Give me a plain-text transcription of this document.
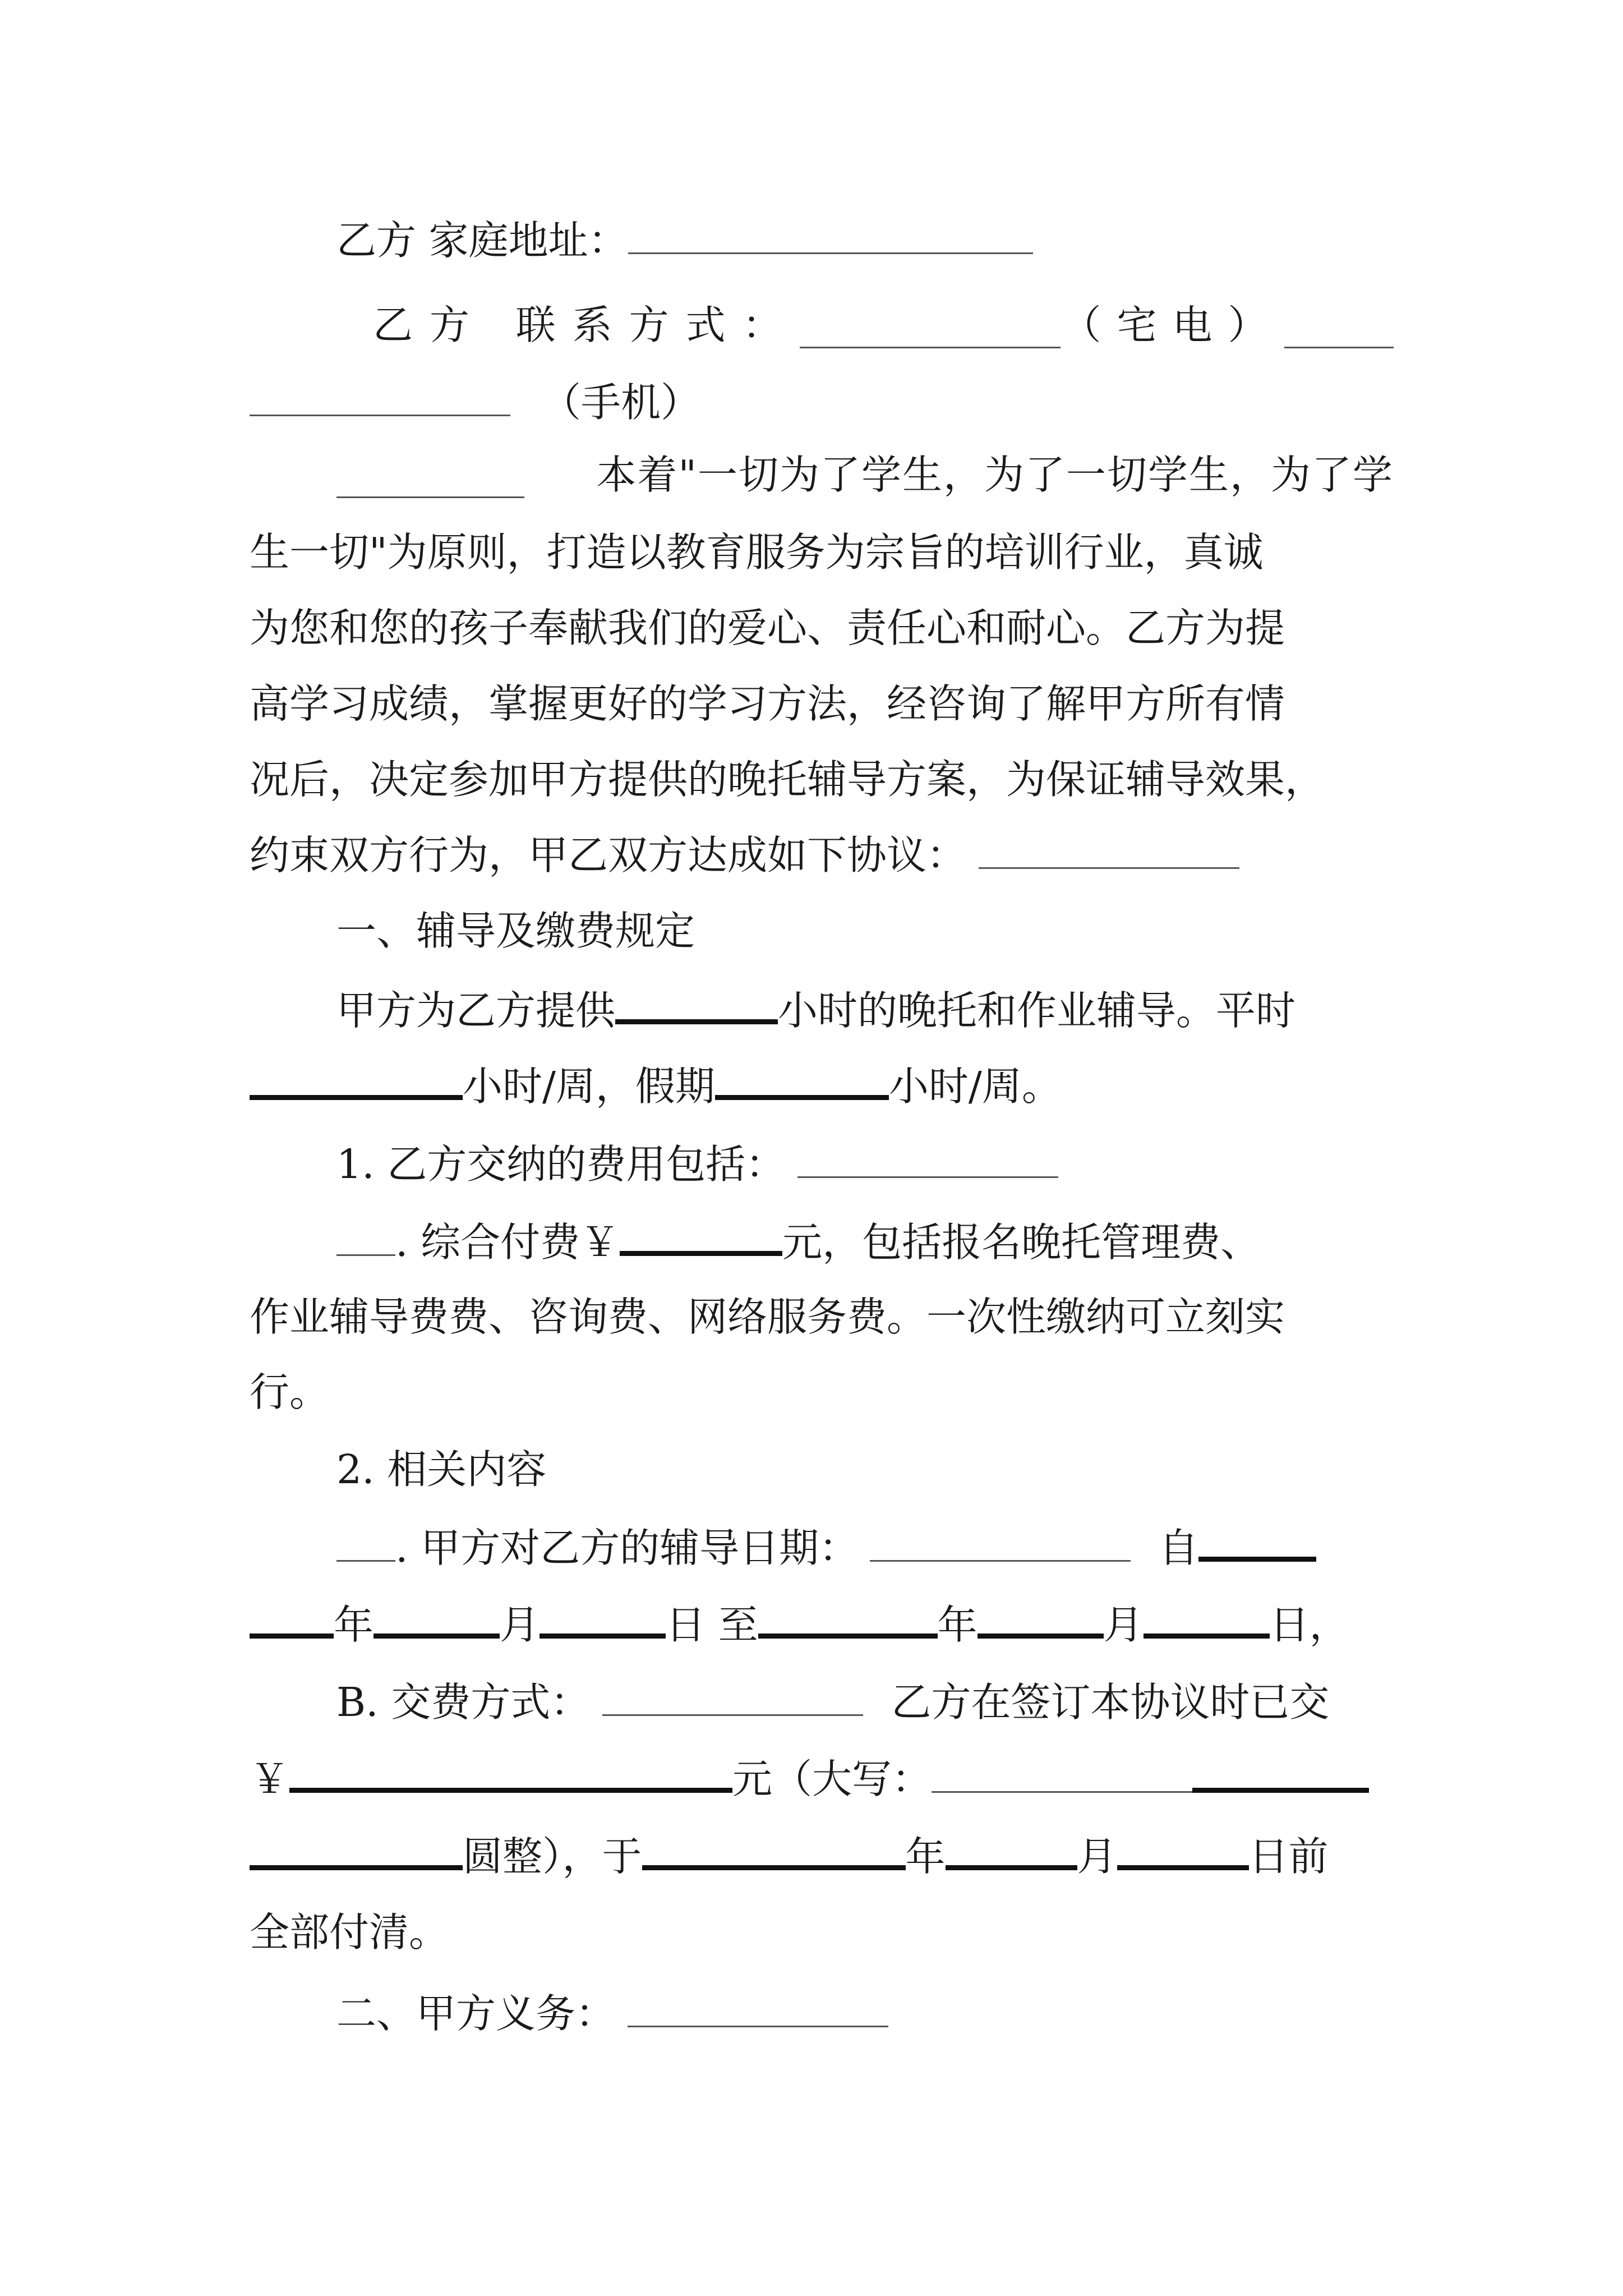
乙方 家庭地址：
乙方 联系方式：	（宅电）
（手机）
本着"一切为了学生，为了一切学生，为了学
生一切"为原则，打造以教育服务为宗旨的培训行业，真诚
为您和您的孩子奉献我们的爱心、责任心和耐心。乙方为提
高学习成绩，掌握更好的学习方法，经咨询了解甲方所有情
况后，决定参加甲方提供的晚托辅导方案，为保证辅导效果，
约束双方行为，甲乙双方达成如下协议：
一、辅导及缴费规定
甲方为乙方提供	小时的晚托和作业辅导。平时
小时/周，假期	小时/周。
1. 乙方交纳的费用包括：
. 综合付费￥	元，包括报名晚托管理费、
作业辅导费费、咨询费、网络服务费。一次性缴纳可立刻实
行。
2. 相关内容
. 甲方对乙方的辅导日期：	自
年	月	日 至	年	月	日，
B. 交费方式：	乙方在签订本协议时已交
￥	元（大写：
圆整），于	年	月	日前
全部付清。
二、甲方义务：
